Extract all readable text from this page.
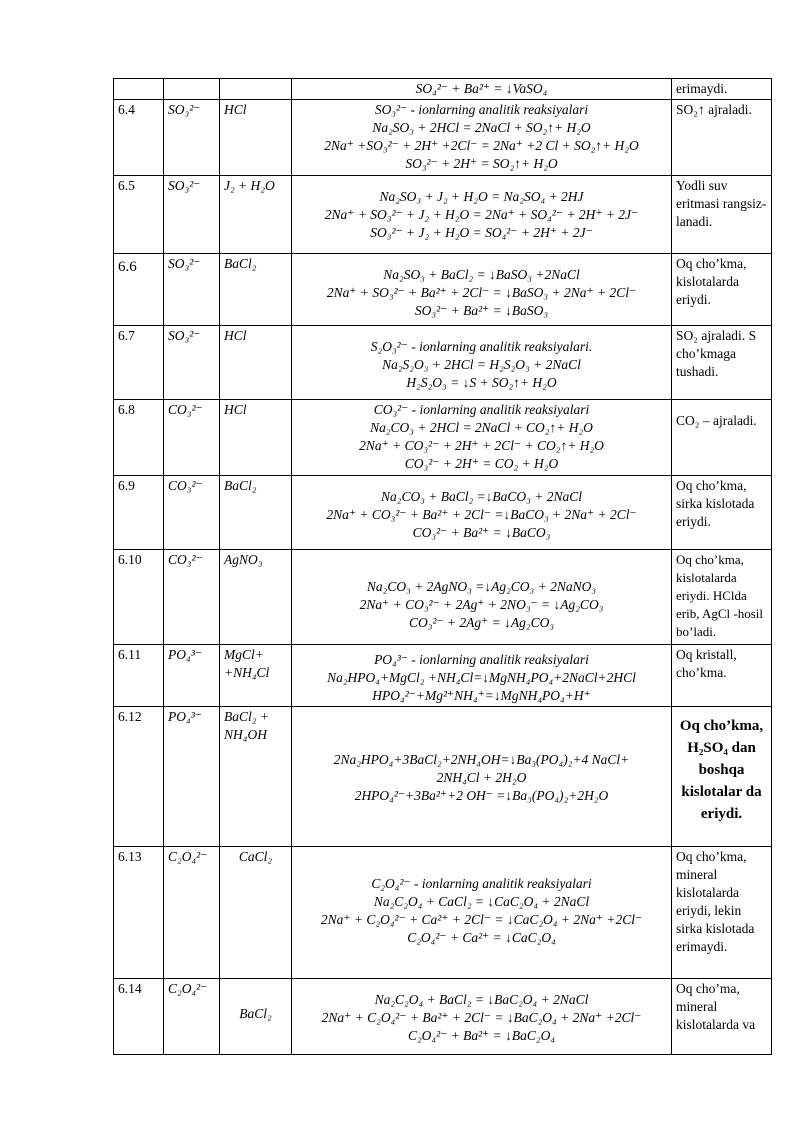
			SO₄²⁻ + Ba²⁺ = ↓VaSO₄	erimaydi.
6.4	SO₃²⁻	HCl	SO₃²⁻ - ionlarning analitik reaksiyalari
Na₂SO₃ + 2HCl = 2NaCl + SO₂↑+ H₂O
2Na⁺ +SO₃²⁻ + 2H⁺ +2Cl⁻ = 2Na⁺ +2 Cl + SO₂↑+ H₂O
SO₃²⁻ + 2H⁺ = SO₂↑+ H₂O	SO₂↑ ajraladi.
6.5	SO₃²⁻	J₂ + H₂O	Na₂SO₃ + J₂ + H₂O = Na₂SO₄ + 2HJ
2Na⁺ + SO₃²⁻ + J₂ + H₂O = 2Na⁺ + SO₄²⁻ + 2H⁺ + 2J⁻
SO₃²⁻ + J₂ + H₂O = SO₄²⁻ + 2H⁺ + 2J⁻	Yodli suv eritmasi rangsiz-lanadi.
6.6	SO₃²⁻	BaCl₂	Na₂SO₃ + BaCl₂ = ↓BaSO₃ +2NaCl
2Na⁺ + SO₃²⁻ + Ba²⁺ + 2Cl⁻ = ↓BaSO₃ + 2Na⁺ + 2Cl⁻
SO₃²⁻ + Ba²⁺ = ↓BaSO₃	Oq cho’kma, kislotalarda eriydi.
6.7	SO₃²⁻	HCl	S₂O₃²⁻ - ionlarning analitik reaksiyalari.
Na₂S₂O₃ + 2HCl = H₂S₂O₃ + 2NaCl
H₂S₂O₃ = ↓S + SO₂↑+ H₂O	SO₂ ajraladi. S cho’kmaga tushadi.
6.8	CO₃²⁻	HCl	CO₃²⁻ - ionlarning analitik reaksiyalari
Na₂CO₃ + 2HCl = 2NaCl + CO₂↑+ H₂O
2Na⁺ + CO₃²⁻ + 2H⁺ + 2Cl⁻ + CO₂↑+ H₂O
CO₃²⁻ + 2H⁺ = CO₂ + H₂O	CO₂ – ajraladi.
6.9	CO₃²⁻	BaCl₂	Na₂CO₃ + BaCl₂ =↓BaCO₃ + 2NaCl
2Na⁺ + CO₃²⁻ + Ba²⁺ + 2Cl⁻ =↓BaCO₃ + 2Na⁺ + 2Cl⁻
CO₃²⁻ + Ba²⁺ = ↓BaCO₃	Oq cho’kma, sirka kislotada eriydi.
6.10	CO₃²⁻	AgNO₃	Na₂CO₃ + 2AgNO₃ =↓Ag₂CO₃ + 2NaNO₃
2Na⁺ + CO₃²⁻ + 2Ag⁺ + 2NO₃⁻ = ↓Ag₂CO₃
CO₃²⁻ + 2Ag⁺ = ↓Ag₂CO₃	Oq cho’kma, kislotalarda eriydi. HClda erib, AgCl -hosil bo’ladi.
6.11	PO₄³⁻	MgCl+ +NH₄Cl	PO₄³⁻ - ionlarning analitik reaksiyalari
Na₂HPO₄+MgCl₂ +NH₄Cl=↓MgNH₄PO₄+2NaCl+2HCl
HPO₄²⁻+Mg²⁺NH₄⁺=↓MgNH₄PO₄+H⁺	Oq kristall, cho’kma.
6.12	PO₄³⁻	BaCl₂ + NH₄OH	2Na₂HPO₄+3BaCl₂+2NH₄OH=↓Ba₃(PO₄)₂+4 NaCl+
2NH₄Cl + 2H₂O
2HPO₄²⁻+3Ba²⁺+2 OH⁻ =↓Ba₃(PO₄)₂+2H₂O	Oq cho’kma, H₂SO₄ dan boshqa kislotalar da eriydi.
6.13	C₂O₄²⁻	CaCl₂	C₂O₄²⁻ - ionlarning analitik reaksiyalari
Na₂C₂O₄ + CaCl₂ = ↓CaC₂O₄ + 2NaCl
2Na⁺ + C₂O₄²⁻ + Ca²⁺ + 2Cl⁻ = ↓CaC₂O₄ + 2Na⁺ +2Cl⁻
C₂O₄²⁻ + Ca²⁺ = ↓CaC₂O₄	Oq cho’kma, mineral kislotalarda eriydi, lekin sirka kislotada erimaydi.
6.14	C₂O₄²⁻	BaCl₂	Na₂C₂O₄ + BaCl₂ = ↓BaC₂O₄ + 2NaCl
2Na⁺ + C₂O₄²⁻ + Ba²⁺ + 2Cl⁻ = ↓BaC₂O₄ + 2Na⁺ +2Cl⁻
C₂O₄²⁻ + Ba²⁺ = ↓BaC₂O₄	Oq cho’ma, mineral kislotalarda va
